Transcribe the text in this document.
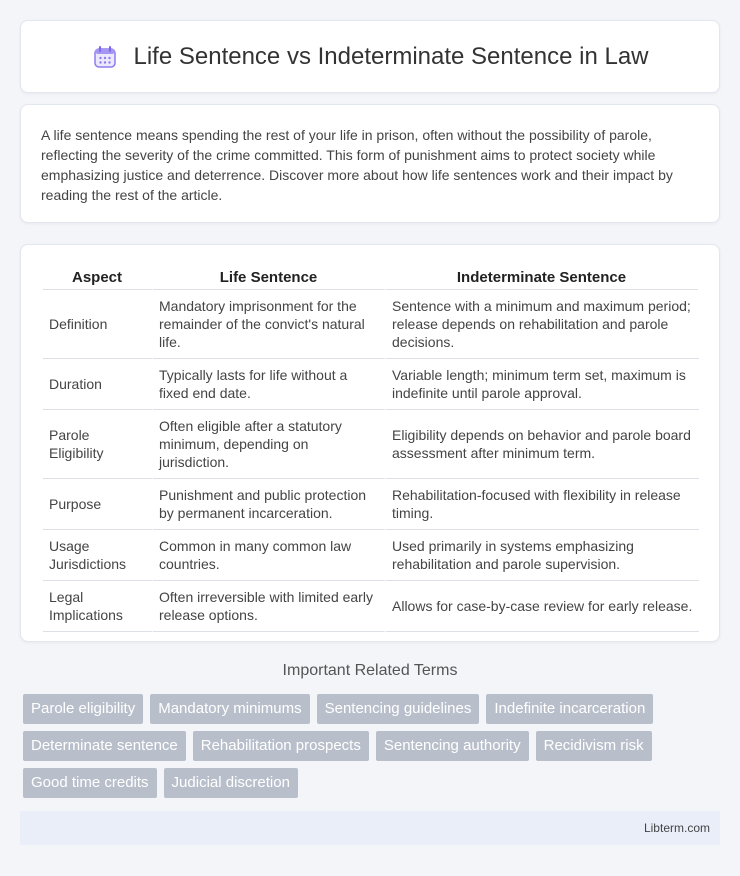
Life Sentence vs Indeterminate Sentence in Law

A life sentence means spending the rest of your life in prison, often without the possibility of parole, reflecting the severity of the crime committed. This form of punishment aims to protect society while emphasizing justice and deterrence. Discover more about how life sentences work and their impact by reading the rest of the article.

Aspect	Life Sentence	Indeterminate Sentence
Definition	Mandatory imprisonment for the remainder of the convict's natural life.	Sentence with a minimum and maximum period; release depends on rehabilitation and parole decisions.
Duration	Typically lasts for life without a fixed end date.	Variable length; minimum term set, maximum is indefinite until parole approval.
Parole Eligibility	Often eligible after a statutory minimum, depending on jurisdiction.	Eligibility depends on behavior and parole board assessment after minimum term.
Purpose	Punishment and public protection by permanent incarceration.	Rehabilitation-focused with flexibility in release timing.
Usage Jurisdictions	Common in many common law countries.	Used primarily in systems emphasizing rehabilitation and parole supervision.
Legal Implications	Often irreversible with limited early release options.	Allows for case-by-case review for early release.
Important Related Terms
Parole eligibility	Mandatory minimums	Sentencing guidelines	Indefinite incarceration
Determinate sentence	Rehabilitation prospects	Sentencing authority	Recidivism risk
Good time credits	Judicial discretion
Libterm.com
